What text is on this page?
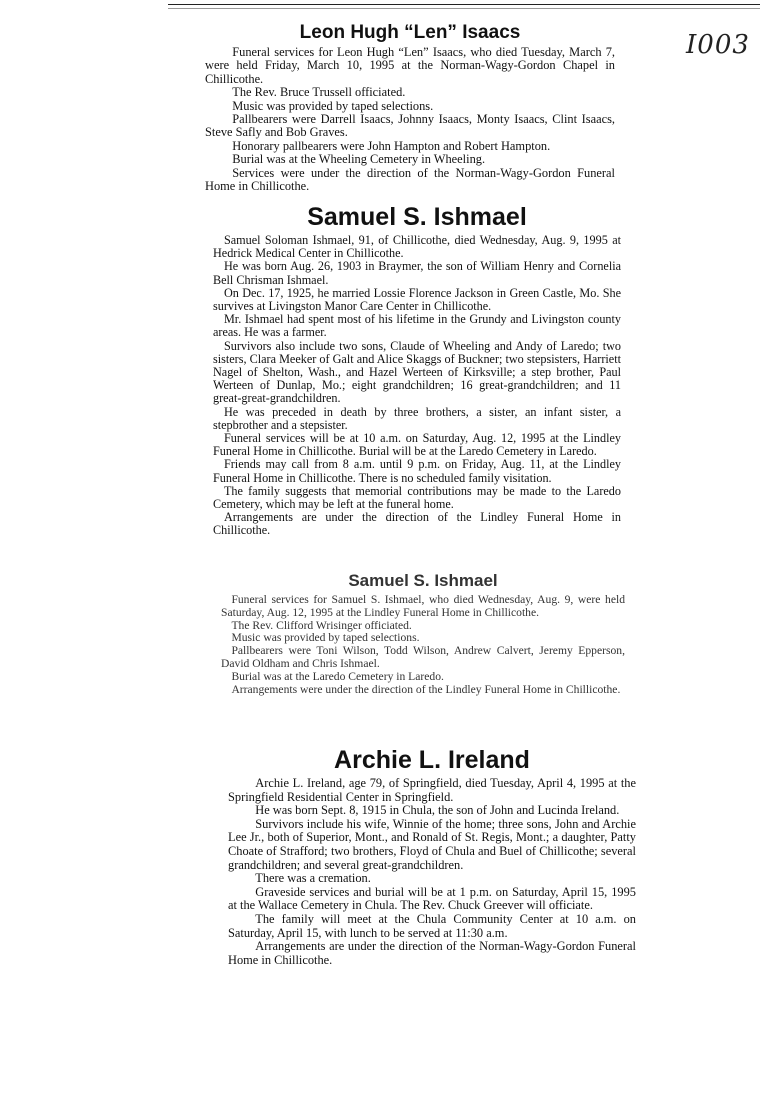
I003
Leon Hugh “Len” Isaacs

Funeral services for Leon Hugh “Len” Isaacs, who died Tuesday, March 7, were held Friday, March 10, 1995 at the Norman-Wagy-Gordon Chapel in Chillicothe.

The Rev. Bruce Trussell officiated.

Music was provided by taped selections.

Pallbearers were Darrell Isaacs, Johnny Isaacs, Monty Isaacs, Clint Isaacs, Steve Safly and Bob Graves.

Honorary pallbearers were John Hampton and Robert Hampton.

Burial was at the Wheeling Cemetery in Wheeling.

Services were under the direction of the Norman-Wagy-Gordon Funeral Home in Chillicothe.

Samuel S. Ishmael

Samuel Soloman Ishmael, 91, of Chillicothe, died Wednesday, Aug. 9, 1995 at Hedrick Medical Center in Chillicothe.

He was born Aug. 26, 1903 in Braymer, the son of William Henry and Cornelia Bell Chrisman Ishmael.

On Dec. 17, 1925, he married Lossie Florence Jackson in Green Castle, Mo. She survives at Livingston Manor Care Center in Chillicothe.

Mr. Ishmael had spent most of his lifetime in the Grundy and Livingston county areas. He was a farmer.

Survivors also include two sons, Claude of Wheeling and Andy of Laredo; two sisters, Clara Meeker of Galt and Alice Skaggs of Buckner; two stepsisters, Harriett Nagel of Shelton, Wash., and Hazel Werteen of Kirksville; a step brother, Paul Werteen of Dunlap, Mo.; eight grandchildren; 16 great-grandchildren; and 11 great-great-grandchildren.

He was preceded in death by three brothers, a sister, an infant sister, a stepbrother and a stepsister.

Funeral services will be at 10 a.m. on Saturday, Aug. 12, 1995 at the Lindley Funeral Home in Chillicothe. Burial will be at the Laredo Cemetery in Laredo.

Friends may call from 8 a.m. until 9 p.m. on Friday, Aug. 11, at the Lindley Funeral Home in Chillicothe. There is no scheduled family visitation.

The family suggests that memorial contributions may be made to the Laredo Cemetery, which may be left at the funeral home.

Arrangements are under the direction of the Lindley Funeral Home in Chillicothe.

Samuel S. Ishmael

Funeral services for Samuel S. Ishmael, who died Wednesday, Aug. 9, were held Saturday, Aug. 12, 1995 at the Lindley Funeral Home in Chillicothe.

The Rev. Clifford Wrisinger officiated.

Music was provided by taped selections.

Pallbearers were Toni Wilson, Todd Wilson, Andrew Calvert, Jeremy Epperson, David Oldham and Chris Ishmael.

Burial was at the Laredo Cemetery in Laredo.

Arrangements were under the direction of the Lindley Funeral Home in Chillicothe.

Archie L. Ireland

Archie L. Ireland, age 79, of Springfield, died Tuesday, April 4, 1995 at the Springfield Residential Center in Springfield.

He was born Sept. 8, 1915 in Chula, the son of John and Lucinda Ireland.

Survivors include his wife, Winnie of the home; three sons, John and Archie Lee Jr., both of Superior, Mont., and Ronald of St. Regis, Mont.; a daughter, Patty Choate of Strafford; two brothers, Floyd of Chula and Buel of Chillicothe; several grandchildren; and several great-grandchildren.

There was a cremation.

Graveside services and burial will be at 1 p.m. on Saturday, April 15, 1995 at the Wallace Cemetery in Chula. The Rev. Chuck Greever will officiate.

The family will meet at the Chula Community Center at 10 a.m. on Saturday, April 15, with lunch to be served at 11:30 a.m.

Arrangements are under the direction of the Norman-Wagy-Gordon Funeral Home in Chillicothe.
